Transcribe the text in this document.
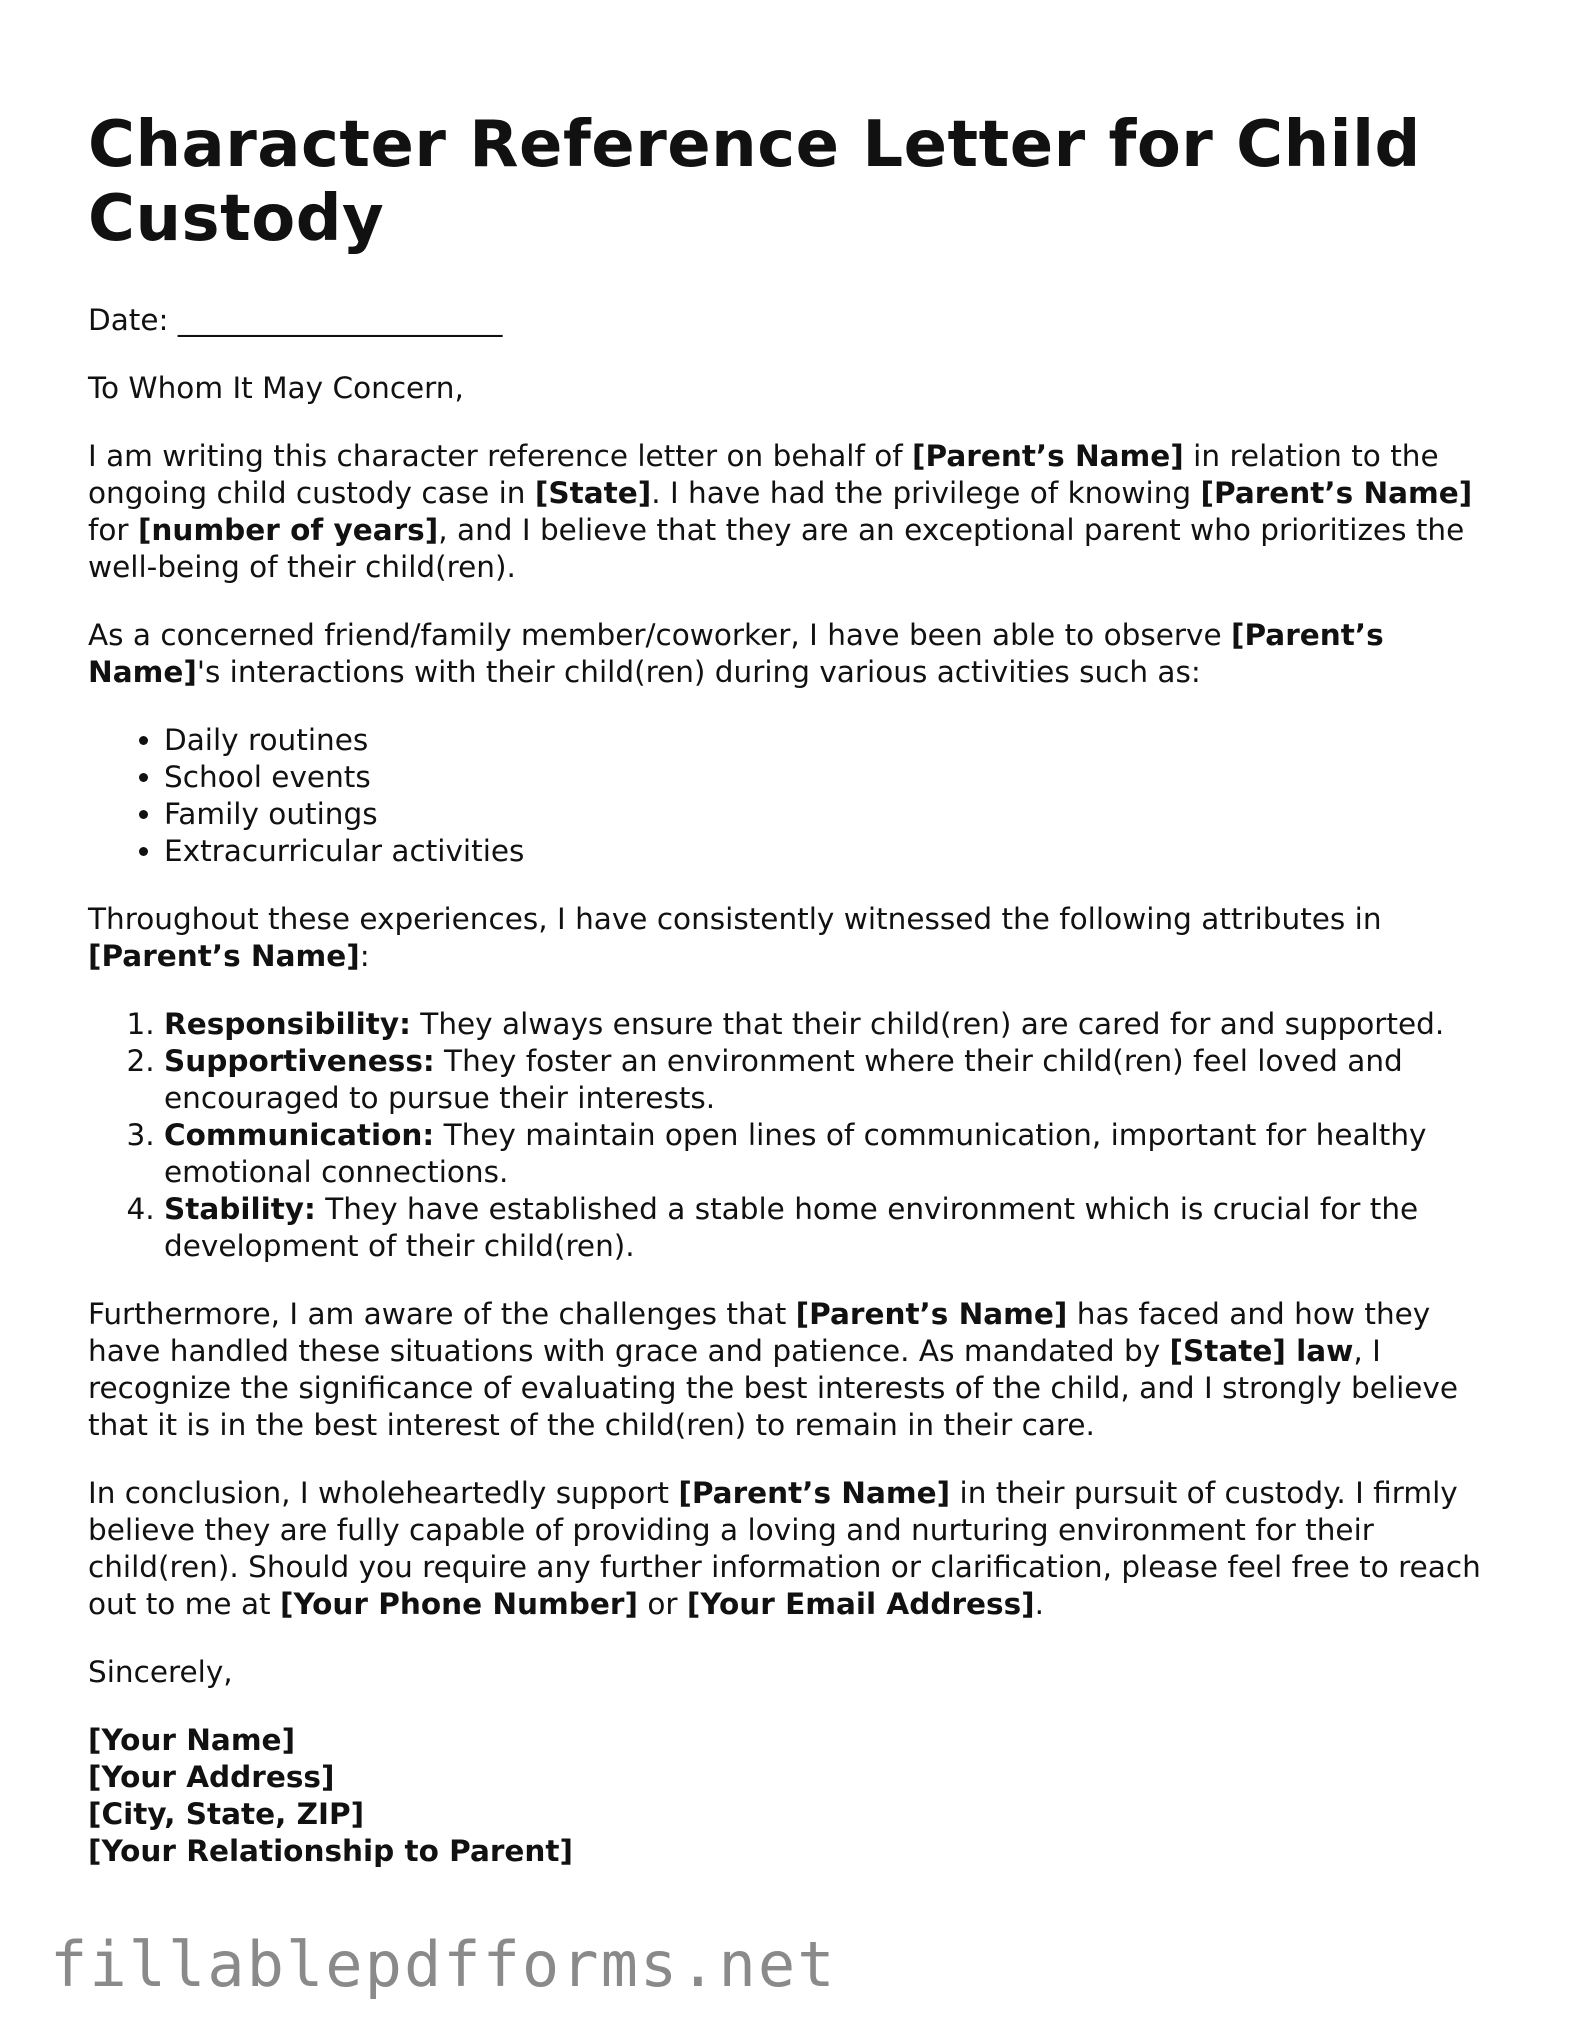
Character Reference Letter for Child Custody

Date: ______________________

To Whom It May Concern,

I am writing this character reference letter on behalf of [Parent’s Name] in relation to the ongoing child custody case in [State]. I have had the privilege of knowing [Parent’s Name] for [number of years], and I believe that they are an exceptional parent who prioritizes the well-being of their child(ren).

As a concerned friend/family member/coworker, I have been able to observe [Parent’s Name]'s interactions with their child(ren) during various activities such as:

• Daily routines
• School events
• Family outings
• Extracurricular activities

Throughout these experiences, I have consistently witnessed the following attributes in [Parent’s Name]:

1. Responsibility: They always ensure that their child(ren) are cared for and supported.
2. Supportiveness: They foster an environment where their child(ren) feel loved and encouraged to pursue their interests.
3. Communication: They maintain open lines of communication, important for healthy emotional connections.
4. Stability: They have established a stable home environment which is crucial for the development of their child(ren).

Furthermore, I am aware of the challenges that [Parent’s Name] has faced and how they have handled these situations with grace and patience. As mandated by [State] law, I recognize the significance of evaluating the best interests of the child, and I strongly believe that it is in the best interest of the child(ren) to remain in their care.

In conclusion, I wholeheartedly support [Parent’s Name] in their pursuit of custody. I firmly believe they are fully capable of providing a loving and nurturing environment for their child(ren). Should you require any further information or clarification, please feel free to reach out to me at [Your Phone Number] or [Your Email Address].

Sincerely,

[Your Name]

[Your Address]

[City, State, ZIP]

[Your Relationship to Parent]

fillablepdfforms.net
